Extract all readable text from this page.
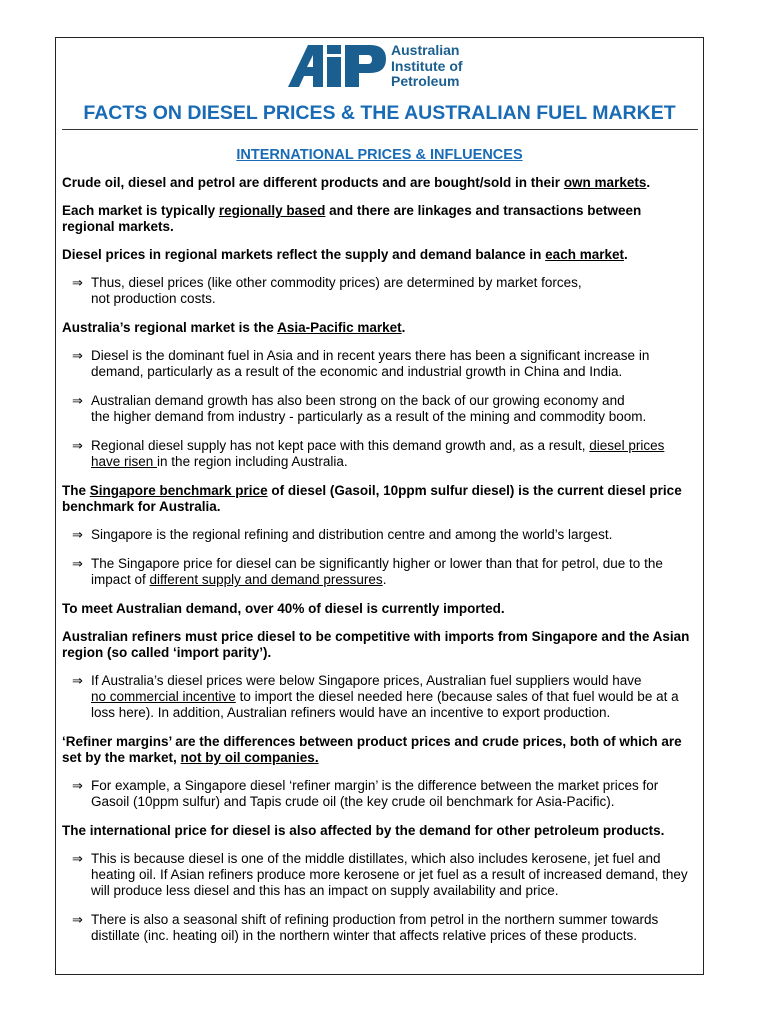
Australian
Institute of
Petroleum
FACTS ON DIESEL PRICES & THE AUSTRALIAN FUEL MARKET
INTERNATIONAL PRICES & INFLUENCES

Crude oil, diesel and petrol are different products and are bought/sold in their own markets.

Each market is typically regionally based and there are linkages and transactions between regional markets.

Diesel prices in regional markets reflect the supply and demand balance in each market.

⇒ Thus, diesel prices (like other commodity prices) are determined by market forces,
not production costs.

Australia’s regional market is the Asia-Pacific market.

⇒ Diesel is the dominant fuel in Asia and in recent years there has been a significant increase in demand, particularly as a result of the economic and industrial growth in China and India.
⇒ Australian demand growth has also been strong on the back of our growing economy and
the higher demand from industry - particularly as a result of the mining and commodity boom.
⇒ Regional diesel supply has not kept pace with this demand growth and, as a result, diesel prices have risen in the region including Australia.

The Singapore benchmark price of diesel (Gasoil, 10ppm sulfur diesel) is the current diesel price benchmark for Australia.

⇒ Singapore is the regional refining and distribution centre and among the world’s largest.
⇒ The Singapore price for diesel can be significantly higher or lower than that for petrol, due to the impact of different supply and demand pressures.

To meet Australian demand, over 40% of diesel is currently imported.

Australian refiners must price diesel to be competitive with imports from Singapore and the Asian region (so called ‘import parity’).

⇒ If Australia’s diesel prices were below Singapore prices, Australian fuel suppliers would have
no commercial incentive to import the diesel needed here (because sales of that fuel would be at a loss here). In addition, Australian refiners would have an incentive to export production.

‘Refiner margins’ are the differences between product prices and crude prices, both of which are set by the market, not by oil companies.

⇒ For example, a Singapore diesel ‘refiner margin’ is the difference between the market prices for Gasoil (10ppm sulfur) and Tapis crude oil (the key crude oil benchmark for Asia-Pacific).

The international price for diesel is also affected by the demand for other petroleum products.

⇒ This is because diesel is one of the middle distillates, which also includes kerosene, jet fuel and heating oil. If Asian refiners produce more kerosene or jet fuel as a result of increased demand, they will produce less diesel and this has an impact on supply availability and price.
⇒ There is also a seasonal shift of refining production from petrol in the northern summer towards distillate (inc. heating oil) in the northern winter that affects relative prices of these products.
